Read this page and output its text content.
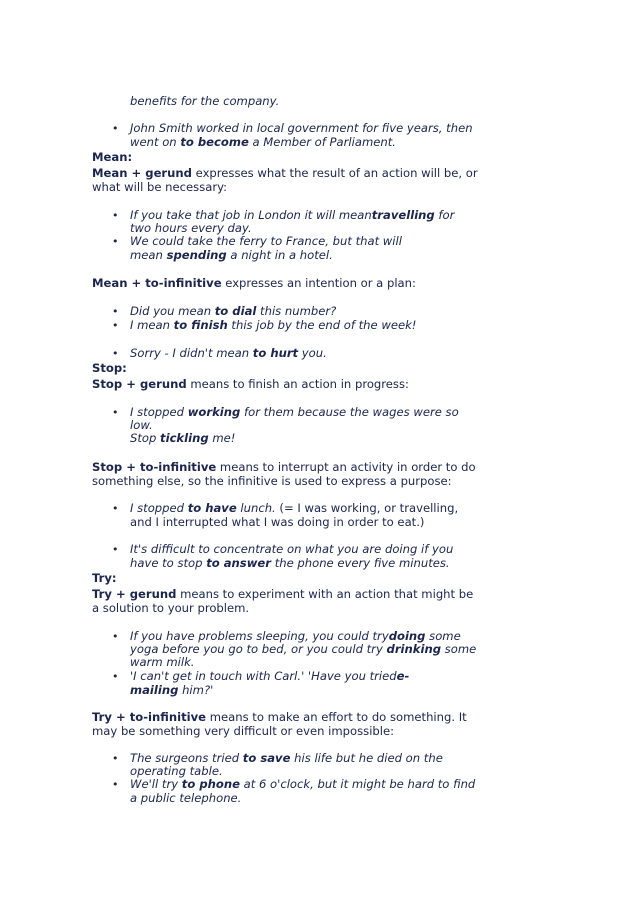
benefits for the company.
• John Smith worked in local government for five years, then
went on to become a Member of Parliament.
Mean:
Mean + gerund expresses what the result of an action will be, or
what will be necessary:
• If you take that job in London it will meantravelling for
two hours every day.
• We could take the ferry to France, but that will
mean spending a night in a hotel.
Mean + to-infinitive expresses an intention or a plan:
• Did you mean to dial this number?
• I mean to finish this job by the end of the week!
• Sorry - I didn't mean to hurt you.
Stop:
Stop + gerund means to finish an action in progress:
• I stopped working for them because the wages were so
low.
Stop tickling me!
Stop + to-infinitive means to interrupt an activity in order to do
something else, so the infinitive is used to express a purpose:
• I stopped to have lunch. (= I was working, or travelling,
and I interrupted what I was doing in order to eat.)
• It's difficult to concentrate on what you are doing if you
have to stop to answer the phone every five minutes.
Try:
Try + gerund means to experiment with an action that might be
a solution to your problem.
• If you have problems sleeping, you could trydoing some
yoga before you go to bed, or you could try drinking some
warm milk.
• 'I can't get in touch with Carl.' 'Have you triede-
mailing him?'
Try + to-infinitive means to make an effort to do something. It
may be something very difficult or even impossible:
• The surgeons tried to save his life but he died on the
operating table.
• We'll try to phone at 6 o'clock, but it might be hard to find
a public telephone.
